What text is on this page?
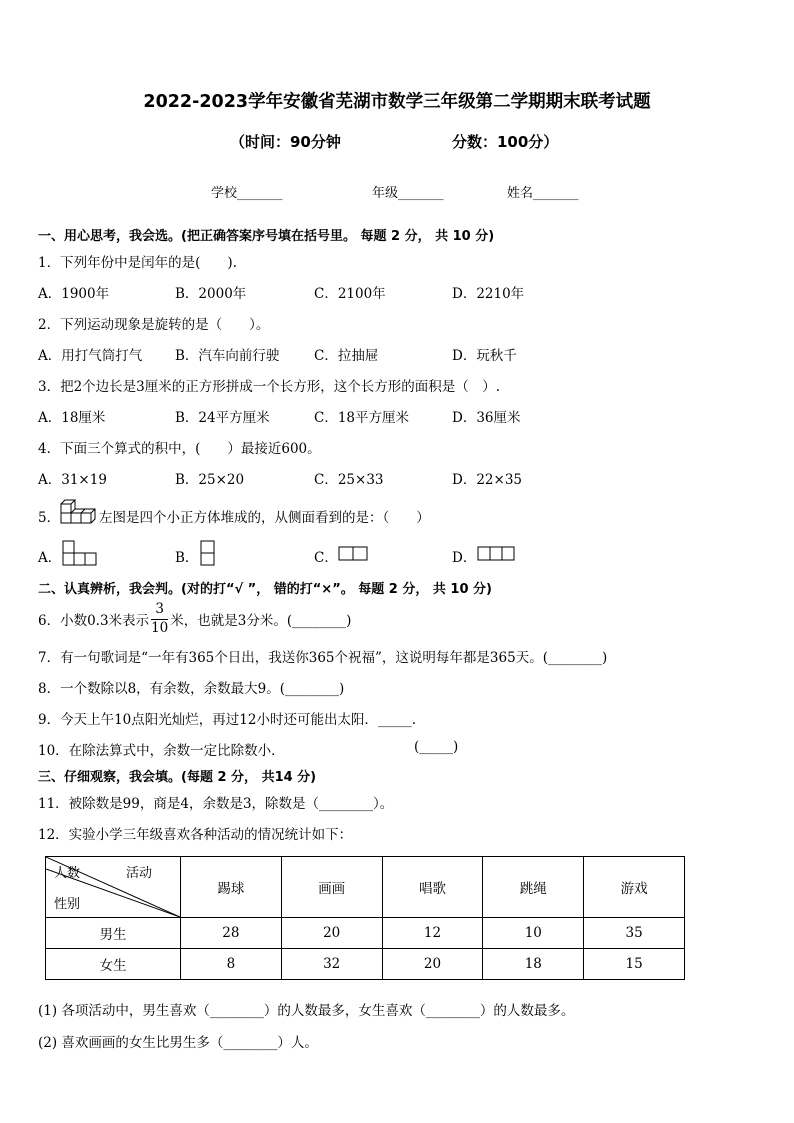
2022-2023学年安徽省芜湖市数学三年级第二学期期末联考试题
（时间：90分钟	分数：100分）
学校_______	年级_______	姓名_______
一、用心思考，我会选。(把正确答案序号填在括号里。 每题 2 分， 共 10 分)
1．下列年份中是闰年的是(　　).
A．1900年	B．2000年	C．2100年	D．2210年
2．下列运动现象是旋转的是（　　）。
A．用打气筒打气 B．汽车向前行驶	C．拉抽屉	D．玩秋千
3．把2个边长是3厘米的正方形拼成一个长方形，这个长方形的面积是（　）.
A．18厘米	B．24平方厘米	C．18平方厘米	D．36厘米
4．下面三个算式的积中，(　　）最接近600。
A．31×19	B．25×20	C．25×33	D．22×35
5．	左图是四个小正方体堆成的，从侧面看到的是：（　　）
A．	B．	C．	D．
二、认真辨析，我会判。(对的打“√ ”， 错的打“×”。 每题 2 分， 共 10 分)
6．小数0.3米表示 $\frac{3}{10}$ 米，也就是3分米。(________)
7．有一句歌词是“一年有365个日出，我送你365个祝福”，这说明每年都是365天。(________)
8．一个数除以8，有余数，余数最大9。(________)
9．今天上午10点阳光灿烂，再过12小时还可能出太阳．_____.
10．在除法算式中，余数一定比除数小．	(_____)
三、仔细观察，我会填。(每题 2 分， 共14 分)
11．被除数是99，商是4，余数是3，除数是（________）。
12．实验小学三年级喜欢各种活动的情况统计如下：
人数 活动
性别	踢球	画画	唱歌	跳绳	游戏
男生	28	20	12	10	35
女生	8	32	20	18	15
(1) 各项活动中，男生喜欢（________）的人数最多，女生喜欢（________）的人数最多。
(2) 喜欢画画的女生比男生多（________）人。
